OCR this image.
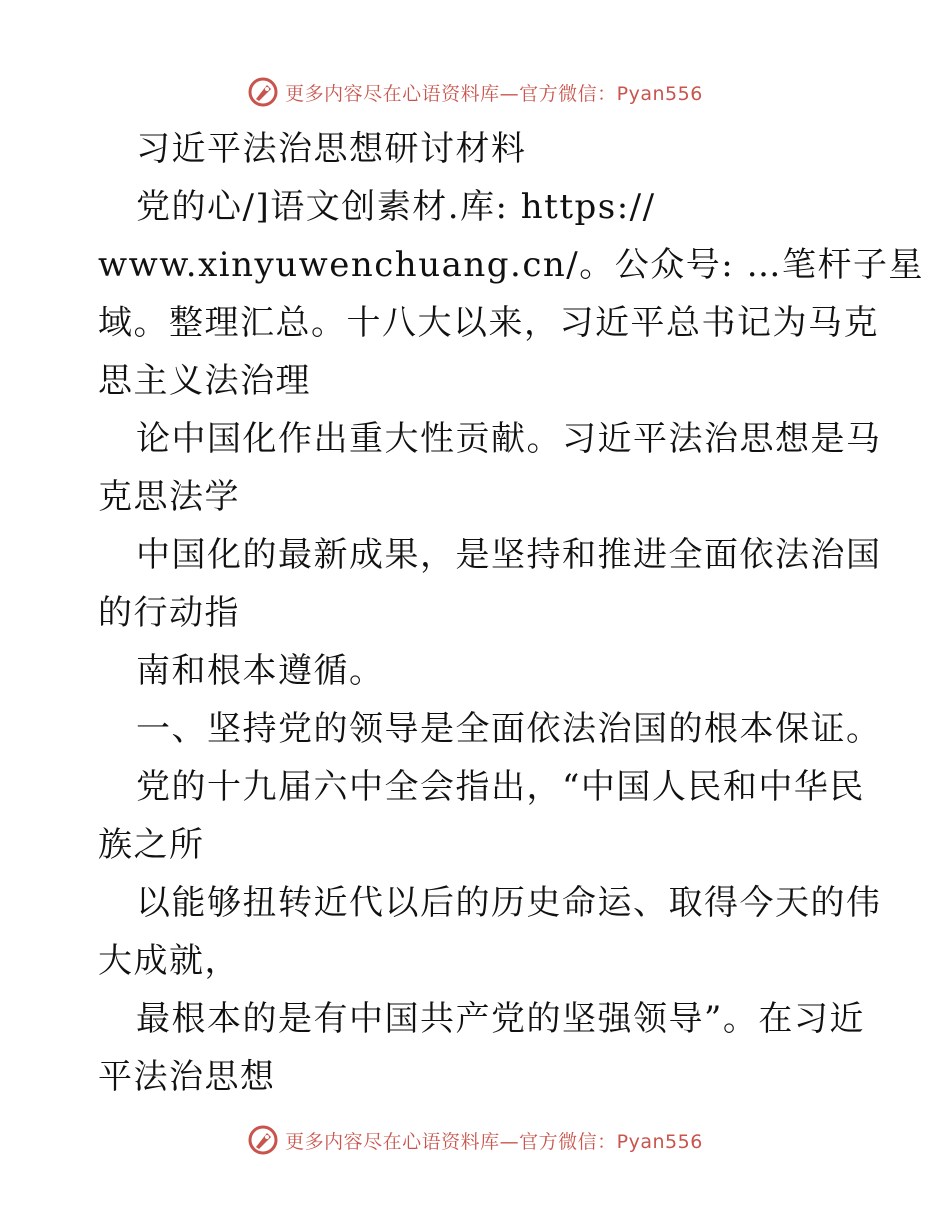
更多内容尽在心语资料库—官方微信：Pyan556
习近平法治思想研讨材料
党的心/]语文创素材.库: https://
www.xinyuwenchuang.cn/。公众号: …笔杆子星
域。整理汇总。十八大以来，习近平总书记为马克
思主义法治理
论中国化作出重大性贡献。习近平法治思想是马
克思法学
中国化的最新成果，是坚持和推进全面依法治国
的行动指
南和根本遵循。
一、坚持党的领导是全面依法治国的根本保证。
党的十九届六中全会指出，“中国人民和中华民
族之所
以能够扭转近代以后的历史命运、取得今天的伟
大成就，
最根本的是有中国共产党的坚强领导”。在习近
平法治思想
更多内容尽在心语资料库—官方微信：Pyan556
